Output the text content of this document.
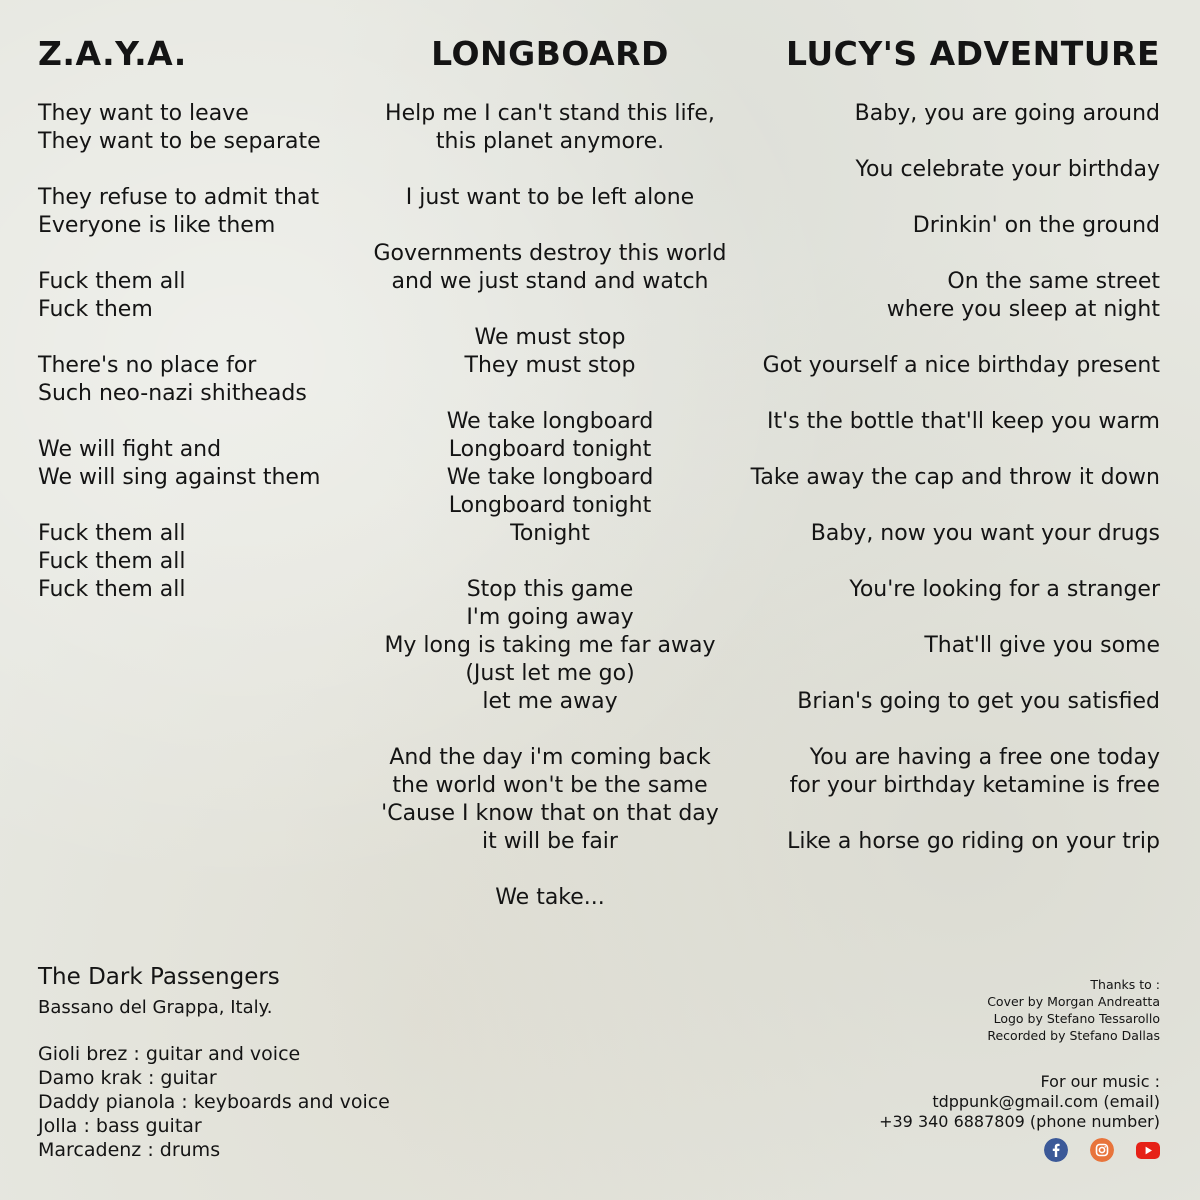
Z.A.Y.A.
They want to leave
They want to be separate
They refuse to admit that
Everyone is like them
Fuck them all
Fuck them
There's no place for
Such neo-nazi shitheads
We will fight and
We will sing against them
Fuck them all
Fuck them all
Fuck them all
LONGBOARD
Help me I can't stand this life,
this planet anymore.
I just want to be left alone
Governments destroy this world
and we just stand and watch
We must stop
They must stop
We take longboard
Longboard tonight
We take longboard
Longboard tonight
Tonight
Stop this game
I'm going away
My long is taking me far away
(Just let me go)
let me away
And the day i'm coming back
the world won't be the same
'Cause I know that on that day
it will be fair
We take...
LUCY'S ADVENTURE
Baby, you are going around
You celebrate your birthday
Drinkin' on the ground
On the same street
where you sleep at night
Got yourself a nice birthday present
It's the bottle that'll keep you warm
Take away the cap and throw it down
Baby, now you want your drugs
You're looking for a stranger
That'll give you some
Brian's going to get you satisfied
You are having a free one today
for your birthday ketamine is free
Like a horse go riding on your trip
The Dark Passengers
Bassano del Grappa, Italy.
Gioli brez : guitar and voice
Damo krak : guitar
Daddy pianola : keyboards and voice
Jolla : bass guitar
Marcadenz : drums
Thanks to :
Cover by Morgan Andreatta
Logo by Stefano Tessarollo
Recorded by Stefano Dallas
For our music :
tdppunk@gmail.com (email)
+39 340 6887809 (phone number)
